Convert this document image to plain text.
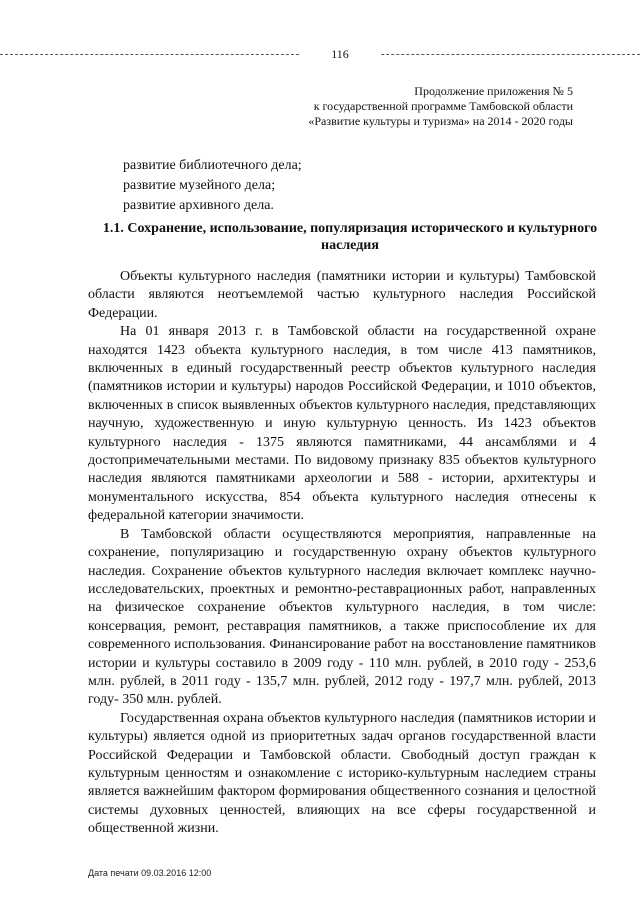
116
Продолжение приложения № 5
к государственной программе Тамбовской области
«Развитие культуры и туризма» на 2014 - 2020 годы
развитие библиотечного дела;
развитие музейного дела;
развитие архивного дела.
1.1. Сохранение, использование, популяризация исторического и культурного наследия

Объекты культурного наследия (памятники истории и культуры) Тамбовской области являются неотъемлемой частью культурного наследия Российской Федерации.

На 01 января 2013 г. в Тамбовской области на государственной охране находятся 1423 объекта культурного наследия, в том числе 413 памятников, включенных в единый государственный реестр объектов культурного наследия (памятников истории и культуры) народов Российской Федерации, и 1010 объектов, включенных в список выявленных объектов культурного наследия, представляющих научную, художественную и иную культурную ценность. Из 1423 объектов культурного наследия - 1375 являются памятниками, 44 ансамблями и 4 достопримечательными местами. По видовому признаку 835 объектов культурного наследия являются памятниками археологии и 588 - истории, архитектуры и монументального искусства, 854 объекта культурного наследия отнесены к федеральной категории значимости.

В Тамбовской области осуществляются мероприятия, направленные на сохранение, популяризацию и государственную охрану объектов культурного наследия. Сохранение объектов культурного наследия включает комплекс научно-исследовательских, проектных и ремонтно-реставрационных работ, направленных на физическое сохранение объектов культурного наследия, в том числе: консервация, ремонт, реставрация памятников, а также приспособление их для современного использования. Финансирование работ на восстановление памятников истории и культуры составило в 2009 году - 110 млн. рублей, в 2010 году - 253,6 млн. рублей, в 2011 году - 135,7 млн. рублей, 2012 году - 197,7 млн. рублей, 2013 году- 350 млн. рублей.

Государственная охрана объектов культурного наследия (памятников истории и культуры) является одной из приоритетных задач органов государственной власти Российской Федерации и Тамбовской области. Свободный доступ граждан к культурным ценностям и ознакомление с историко-культурным наследием страны является важнейшим фактором формирования общественного сознания и целостной системы духовных ценностей, влияющих на все сферы государственной и общественной жизни.

Дата печати 09.03.2016 12:00
